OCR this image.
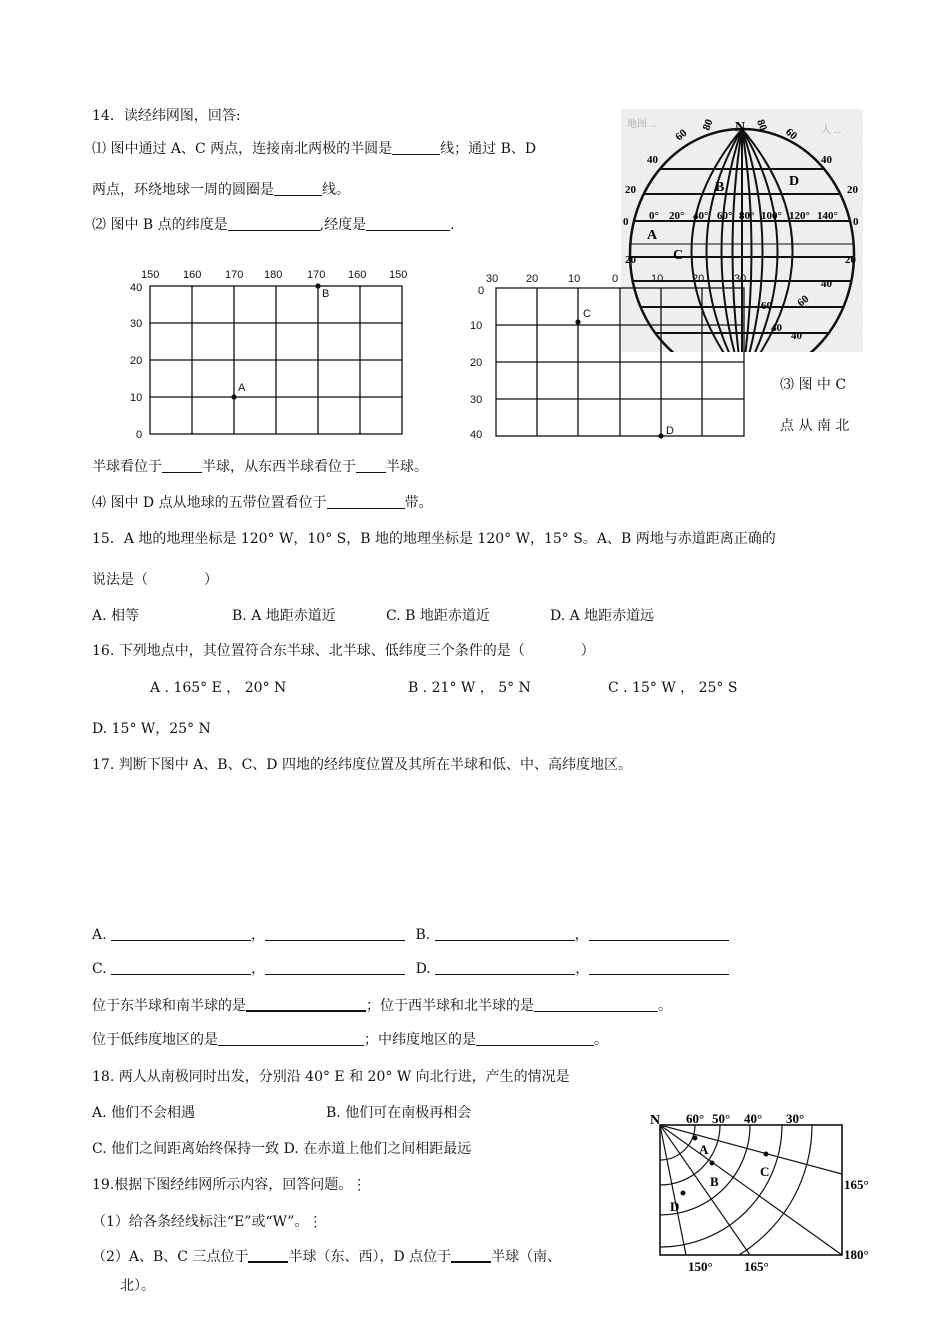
14．读经纬网图，回答:
⑴ 图中通过 A、C 两点，连接南北两极的半圆是	线；通过 B、D
两点，环绕地球一周的圆圈是	线。
⑵ 图中 B 点的纬度是	,经度是	.
地图 ...
人 ...
N
60
80	80
60
40	40
20	20
20	20
40
0 0° 20° 40° 60° 80° 100° 120° 140° 0
A
B
C
D
60
60
40
40
150 160 170 180 170 160 150
40
30
20
10
0
A
B
30	20	10	0	10	20	30
0
10
20
30
40
C
D
⑶ 图 中 C
点 从 南 北
半球看位于	半球，从东西半球看位于 半球。
⑷ 图中 D 点从地球的五带位置看位于	带。
15．A 地的地理坐标是 120° W，10° S，B 地的地理坐标是 120° W，15° S。A、B 两地与赤道距离正确的
说法是（　　　　）
A. 相等	B. A 地距赤道近	C. B 地距赤道近	D. A 地距赤道远
16. 下列地点中，其位置符合东半球、北半球、低纬度三个条件的是（　　　　）
A . 165° E ， 20° N	B . 21° W ， 5° N	C . 15° W ， 25° S
D. 15° W，25° N
17. 判断下图中 A、B、C、D 四地的经纬度位置及其所在半球和低、中、高纬度地区。
A.	，	B.	，
C.	，	D.	，
位于东半球和南半球的是	；位于西半球和北半球的是	。
位于低纬度地区的是	；中纬度地区的是	。
18. 两人从南极同时出发，分别沿 40° E 和 20° W 向北行进，产生的情况是
A. 他们不会相遇	B. 他们可在南极再相会
C. 他们之间距离始终保持一致 D. 在赤道上他们之间相距最远
19.根据下图经纬网所示内容，回答问题。⋮
（1）给各条经线标注“E”或“W”。⋮
（2）A、B、C 三点位于	半球（东、西），D 点位于	半球（南、
北）。
N 60° 50° 40° 30°
165°
180°
150° 165°
A
B
C
D
